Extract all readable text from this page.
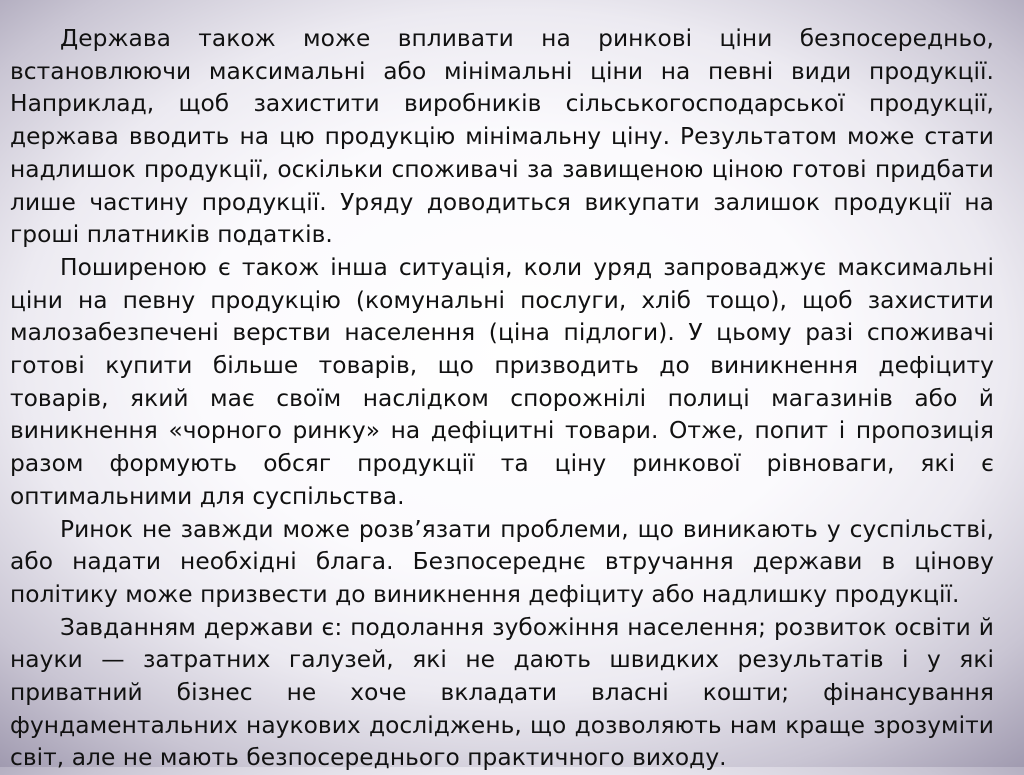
Держава також може впливати на ринкові ціни безпосередньо, встановлюючи максимальні або мінімальні ціни на певні види продукції. Наприклад, щоб захистити виробників сільськогосподарської продукції, держава вводить на цю продукцію мінімальну ціну. Результатом може стати надлишок продукції, оскільки споживачі за завищеною ціною готові придбати лише частину продукції. Уряду доводиться викупати залишок продукції на гроші платників податків.

Поширеною є також інша ситуація, коли уряд запроваджує максимальні ціни на певну продукцію (комунальні послуги, хліб тощо), щоб захистити малозабезпечені верстви населення (ціна підлоги). У цьому разі споживачі готові купити більше товарів, що призводить до виникнення дефіциту товарів, який має своїм наслідком спорожнілі полиці магазинів або й виникнення «чорного ринку» на дефіцитні товари. Отже, попит і пропозиція разом формують обсяг продукції та ціну ринкової рівноваги, які є оптимальними для суспільства.

Ринок не завжди може розв’язати проблеми, що виникають у суспільстві, або надати необхідні блага. Безпосереднє втручання держави в цінову політику може призвести до виникнення дефіциту або надлишку продукції.

Завданням держави є: подолання зубожіння населення; розвиток освіти й науки — затратних галузей, які не дають швидких результатів і у які приватний бізнес не хоче вкладати власні кошти; фінансування фундаментальних наукових досліджень, що дозволяють нам краще зрозуміти світ, але не мають безпосереднього практичного виходу.
